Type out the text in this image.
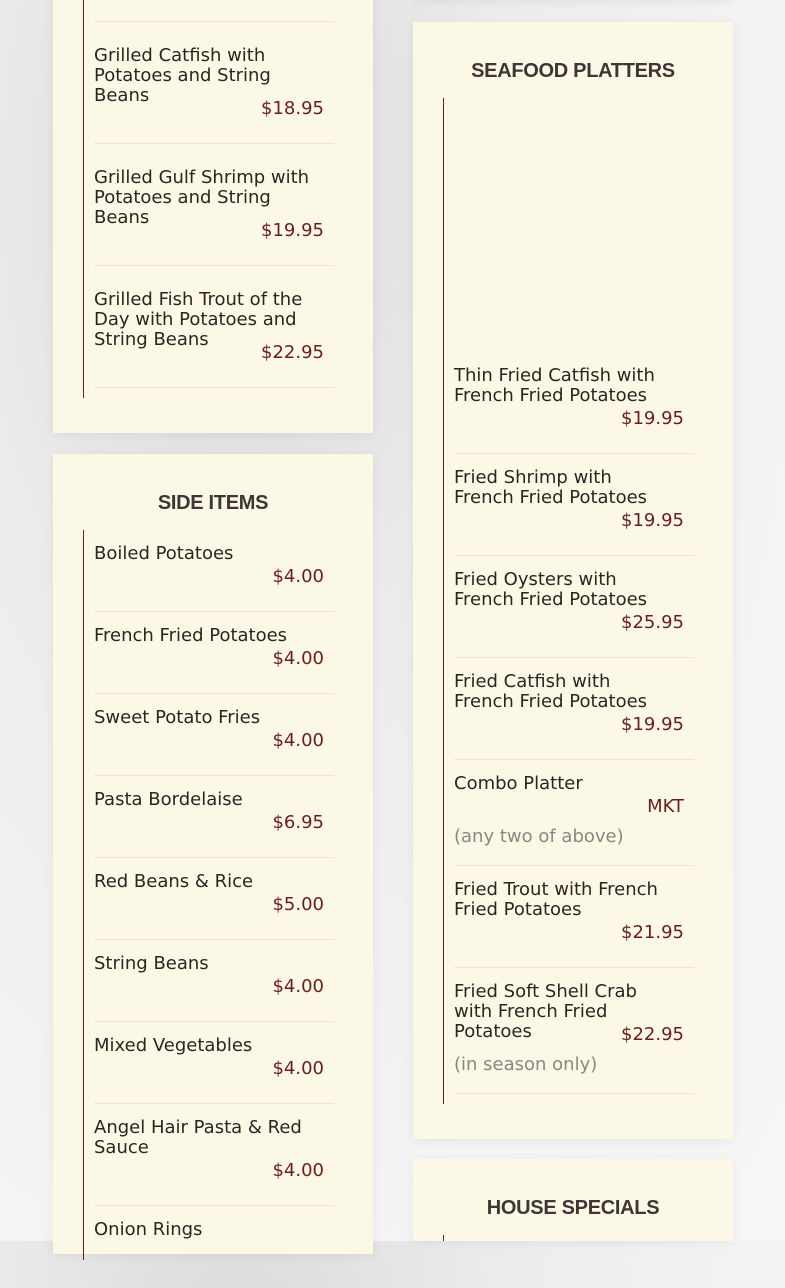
Grilled Catfish with Potatoes and String Beans
$18.95
Grilled Gulf Shrimp with Potatoes and String Beans
$19.95
Grilled Fish Trout of the Day with Potatoes and String Beans
$22.95
SIDE ITEMS
Boiled Potatoes
$4.00
French Fried Potatoes
$4.00
Sweet Potato Fries
$4.00
Pasta Bordelaise
$6.95
Red Beans & Rice
$5.00
String Beans
$4.00
Mixed Vegetables
$4.00
Angel Hair Pasta & Red Sauce
$4.00
Onion Rings
SEAFOOD PLATTERS
Thin Fried Catfish with French Fried Potatoes
$19.95
Fried Shrimp with French Fried Potatoes
$19.95
Fried Oysters with French Fried Potatoes
$25.95
Fried Catfish with French Fried Potatoes
$19.95
Combo Platter
MKT
(any two of above)
Fried Trout with French Fried Potatoes
$21.95
Fried Soft Shell Crab with French Fried Potatoes	$22.95
(in season only)
HOUSE SPECIALS
